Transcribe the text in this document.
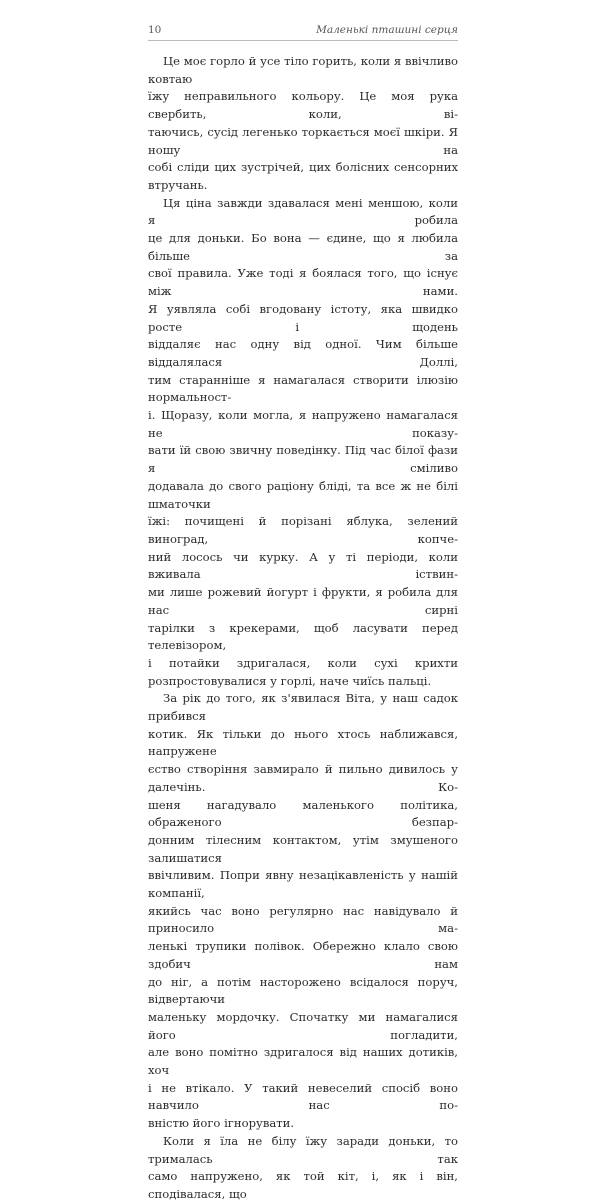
10	Маленькі пташині серця

Це моє горло й усе тіло горить, коли я ввічливо ковтаю
їжу неправильного кольору. Це моя рука свербить, коли, ві-
таючись, сусід легенько торкається моєї шкіри. Я ношу на
собі сліди цих зустрічей, цих болісних сенсорних втручань.

Ця ціна завжди здавалася мені меншою, коли я робила
це для доньки. Бо вона — єдине, що я любила більше за
свої правила. Уже тоді я боялася того, що існує між нами.
Я уявляла собі вгодовану істоту, яка швидко росте і щодень
віддаляє нас одну від одної. Чим більше віддалялася Доллі,
тим старанніше я намагалася створити ілюзію нормальност-
і. Щоразу, коли могла, я напружено намагалася не показу-
вати їй свою звичну поведінку. Під час білої фази я сміливо
додавала до свого раціону бліді, та все ж не білі шматочки
їжі: почищені й порізані яблука, зелений виноград, копче-
ний лосось чи курку. А у ті періоди, коли вживала іствин-
ми лише рожевий йогурт і фрукти, я робила для нас сирні
тарілки з крекерами, щоб ласувати перед телевізором,
і потайки здригалася, коли сухі крихти розпростовувалися у горлі, наче чиїсь пальці.

За рік до того, як з'явилася Віта, у наш садок прибився
котик. Як тільки до нього хтось наближався, напружене
єство створіння завмирало й пильно дивилось у далечінь. Ко-
шеня нагадувало маленького політика, ображеного безпар-
донним тілесним контактом, утім змушеного залишатися
ввічливим. Попри явну незацікавленість у нашій компанії,
якийсь час воно регулярно нас навідувало й приносило ма-
ленькі трупики полівок. Обережно клало свою здобич нам
до ніг, а потім насторожено всідалося поруч, відвертаючи
маленьку мордочку. Спочатку ми намагалися його погладити,
але воно помітно здригалося від наших дотиків, хоч
і не втікало. У такий невеселий спосіб воно навчило нас по-
вністю його ігнорувати.

Коли я їла не білу їжу заради доньки, то трималась так
само напружено, як той кіт, і, як і він, сподівалася, що
